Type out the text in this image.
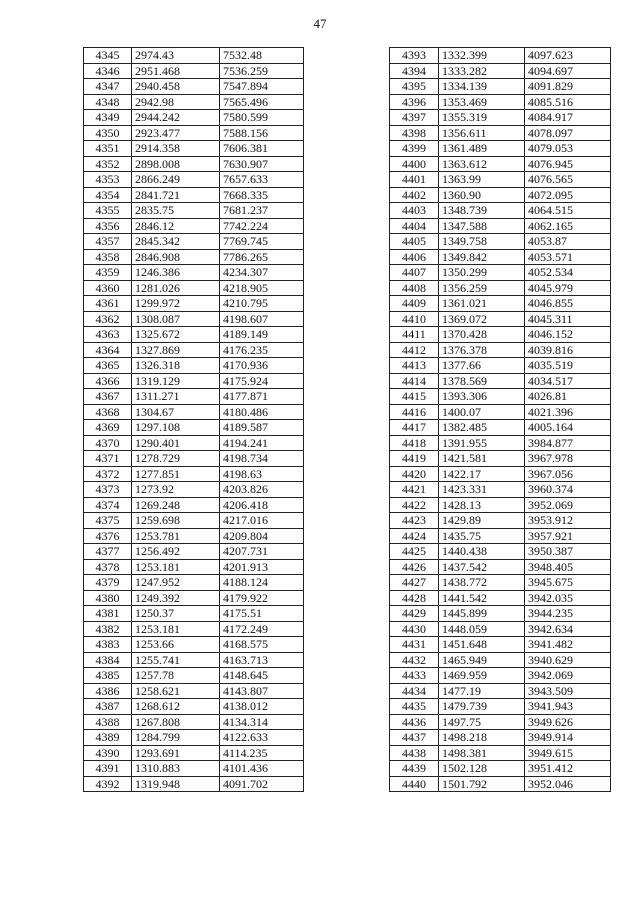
47
4345	2974.43	7532.48
4346	2951.468	7536.259
4347	2940.458	7547.894
4348	2942.98	7565.496
4349	2944.242	7580.599
4350	2923.477	7588.156
4351	2914.358	7606.381
4352	2898.008	7630.907
4353	2866.249	7657.633
4354	2841.721	7668.335
4355	2835.75	7681.237
4356	2846.12	7742.224
4357	2845.342	7769.745
4358	2846.908	7786.265
4359	1246.386	4234.307
4360	1281.026	4218.905
4361	1299.972	4210.795
4362	1308.087	4198.607
4363	1325.672	4189.149
4364	1327.869	4176.235
4365	1326.318	4170.936
4366	1319.129	4175.924
4367	1311.271	4177.871
4368	1304.67	4180.486
4369	1297.108	4189.587
4370	1290.401	4194.241
4371	1278.729	4198.734
4372	1277.851	4198.63
4373	1273.92	4203.826
4374	1269.248	4206.418
4375	1259.698	4217.016
4376	1253.781	4209.804
4377	1256.492	4207.731
4378	1253.181	4201.913
4379	1247.952	4188.124
4380	1249.392	4179.922
4381	1250.37	4175.51
4382	1253.181	4172.249
4383	1253.66	4168.575
4384	1255.741	4163.713
4385	1257.78	4148.645
4386	1258.621	4143.807
4387	1268.612	4138.012
4388	1267.808	4134.314
4389	1284.799	4122.633
4390	1293.691	4114.235
4391	1310.883	4101.436
4392	1319.948	4091.702
4393	1332.399	4097.623
4394	1333.282	4094.697
4395	1334.139	4091.829
4396	1353.469	4085.516
4397	1355.319	4084.917
4398	1356.611	4078.097
4399	1361.489	4079.053
4400	1363.612	4076.945
4401	1363.99	4076.565
4402	1360.90	4072.095
4403	1348.739	4064.515
4404	1347.588	4062.165
4405	1349.758	4053.87
4406	1349.842	4053.571
4407	1350.299	4052.534
4408	1356.259	4045.979
4409	1361.021	4046.855
4410	1369.072	4045.311
4411	1370.428	4046.152
4412	1376.378	4039.816
4413	1377.66	4035.519
4414	1378.569	4034.517
4415	1393.306	4026.81
4416	1400.07	4021.396
4417	1382.485	4005.164
4418	1391.955	3984.877
4419	1421.581	3967.978
4420	1422.17	3967.056
4421	1423.331	3960.374
4422	1428.13	3952.069
4423	1429.89	3953.912
4424	1435.75	3957.921
4425	1440.438	3950.387
4426	1437.542	3948.405
4427	1438.772	3945.675
4428	1441.542	3942.035
4429	1445.899	3944.235
4430	1448.059	3942.634
4431	1451.648	3941.482
4432	1465.949	3940.629
4433	1469.959	3942.069
4434	1477.19	3943.509
4435	1479.739	3941.943
4436	1497.75	3949.626
4437	1498.218	3949.914
4438	1498.381	3949.615
4439	1502.128	3951.412
4440	1501.792	3952.046
